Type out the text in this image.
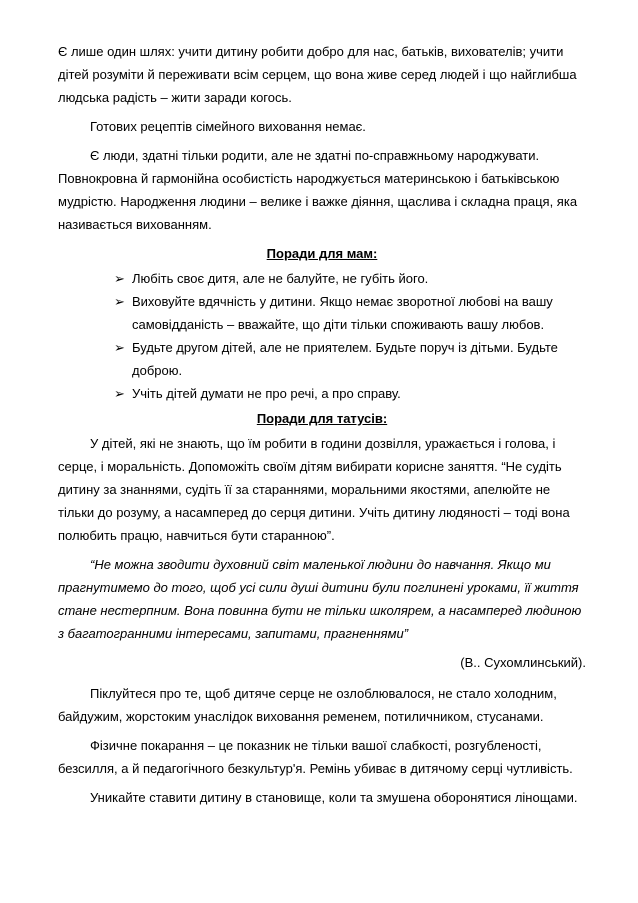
Є лише один шлях: учити дитину робити добро для нас, батьків, вихователів; учити дітей розуміти й переживати всім серцем, що вона живе серед людей і що найглибша людська радість – жити заради когось.

Готових рецептів сімейного виховання немає.

Є люди, здатні тільки родити, але не здатні по-справжньому народжувати. Повнокровна й гармонійна особистість народжується материнською і батьківською мудрістю. Народження людини – велике і важке діяння, щаслива і складна праця, яка називається вихованням.

Поради для мам:
➢ Любіть своє дитя, але не балуйте, не губіть його.
➢ Виховуйте вдячність у дитини. Якщо немає зворотної любові на вашу самовідданість – вважайте, що діти тільки споживають вашу любов.
➢ Будьте другом дітей, але не приятелем. Будьте поруч із дітьми. Будьте доброю.
➢ Учіть дітей думати не про речі, а про справу.
Поради для татусів:

У дітей, які не знають, що їм робити в години дозвілля, уражається і голова, і серце, і моральність. Допоможіть своїм дітям вибирати корисне заняття. “Не судіть дитину за знаннями, судіть її за стараннями, моральними якостями, апелюйте не тільки до розуму, а насамперед до серця дитини. Учіть дитину людяності – тоді вона полюбить працю, навчиться бути старанною”.

“Не можна зводити духовний світ маленької людини до навчання. Якщо ми прагнутимемо до того, щоб усі сили душі дитини були поглинені уроками, її життя стане нестерпним. Вона повинна бути не тільки школярем, а насамперед людиною з багатогранними інтересами, запитами, прагненнями”

(В.. Сухомлинський).

Піклуйтеся про те, щоб дитяче серце не озлоблювалося, не стало холодним, байдужим, жорстоким унаслідок виховання ременем, потиличником, стусанами.

Фізичне покарання – це показник не тільки вашої слабкості, розгубленості, безсилля, а й педагогічного безкультур'я. Ремінь убиває в дитячому серці чутливість.

Уникайте ставити дитину в становище, коли та змушена оборонятися лінощами.
